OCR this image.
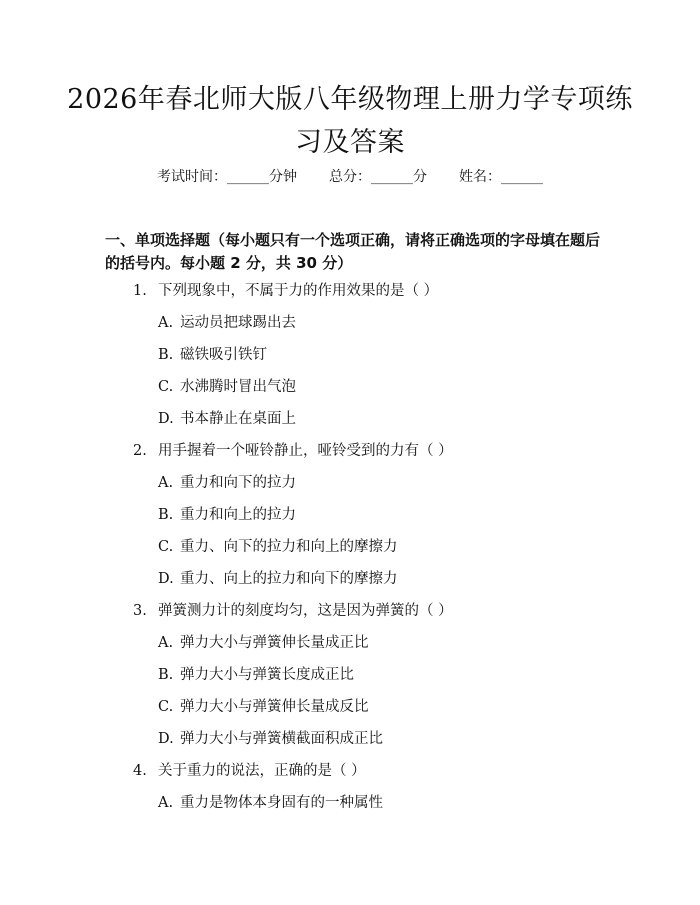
2026年春北师大版八年级物理上册力学专项练习及答案
考试时间：______分钟 总分：______分 姓名：______
一、单项选择题（每小题只有一个选项正确，请将正确选项的字母填在题后的括号内。每小题 2 分，共 30 分）
1. 下列现象中，不属于力的作用效果的是（ ）
A. 运动员把球踢出去
B. 磁铁吸引铁钉
C. 水沸腾时冒出气泡
D. 书本静止在桌面上
2. 用手握着一个哑铃静止，哑铃受到的力有（ ）
A. 重力和向下的拉力
B. 重力和向上的拉力
C. 重力、向下的拉力和向上的摩擦力
D. 重力、向上的拉力和向下的摩擦力
3. 弹簧测力计的刻度均匀，这是因为弹簧的（ ）
A. 弹力大小与弹簧伸长量成正比
B. 弹力大小与弹簧长度成正比
C. 弹力大小与弹簧伸长量成反比
D. 弹力大小与弹簧横截面积成正比
4. 关于重力的说法，正确的是（ ）
A. 重力是物体本身固有的一种属性
